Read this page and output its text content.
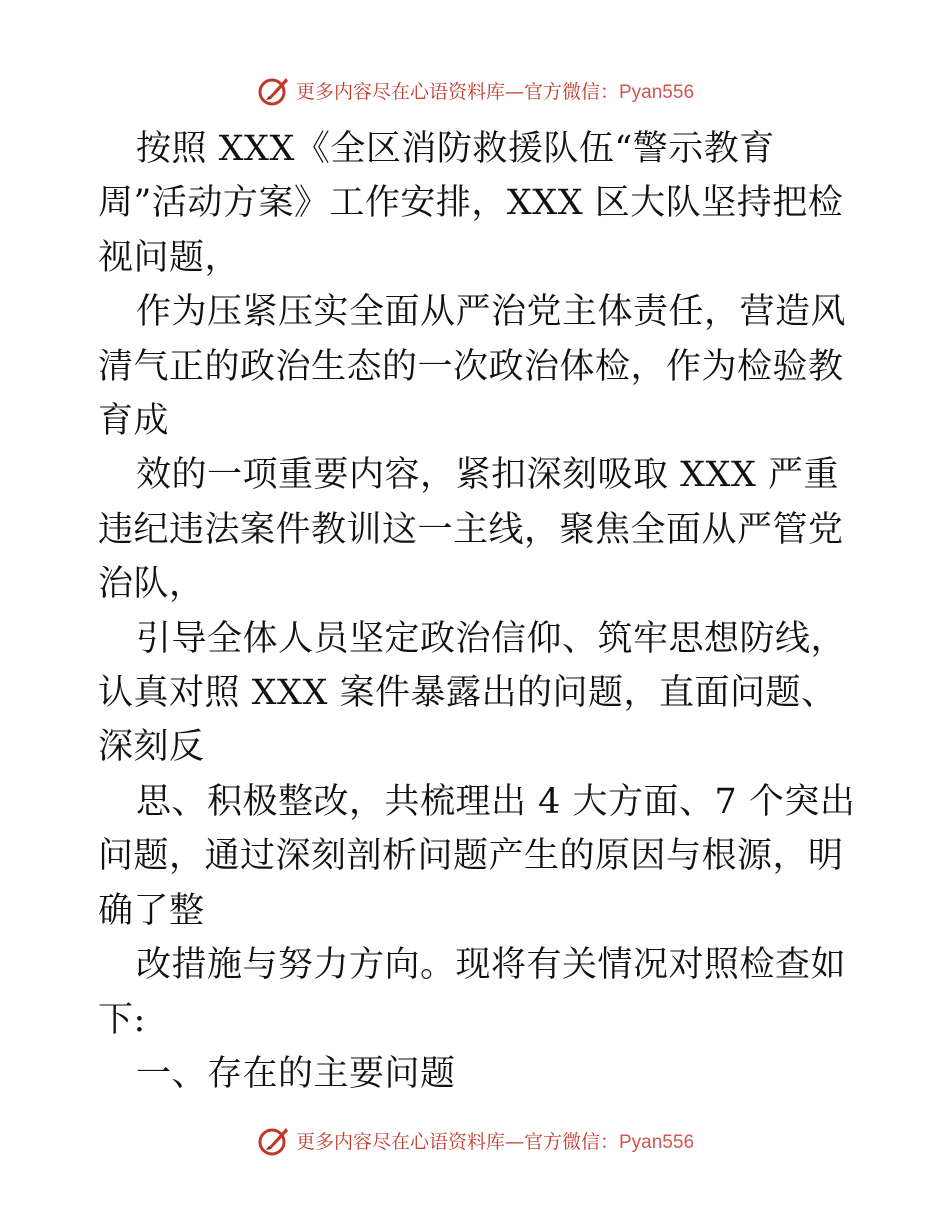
更多内容尽在心语资料库—官方微信：Pyan556

按照 XXX《全区消防救援队伍“警示教育周”活动方案》工作安排，XXX 区大队坚持把检视问题，

作为压紧压实全面从严治党主体责任，营造风清气正的政治生态的一次政治体检，作为检验教育成

效的一项重要内容，紧扣深刻吸取 XXX 严重违纪违法案件教训这一主线，聚焦全面从严管党治队，

引导全体人员坚定政治信仰、筑牢思想防线，认真对照 XXX 案件暴露出的问题，直面问题、深刻反

思、积极整改，共梳理出 4 大方面、7 个突出问题，通过深刻剖析问题产生的原因与根源，明确了整

改措施与努力方向。现将有关情况对照检查如下:

一、存在的主要问题

更多内容尽在心语资料库—官方微信：Pyan556
